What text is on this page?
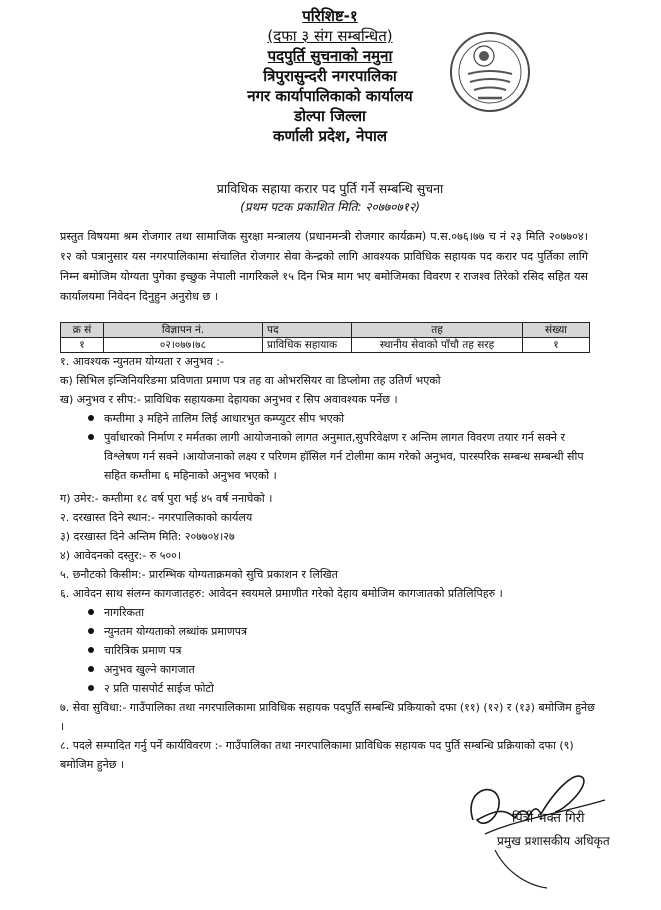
परिशिष्ट-१
(दफा ३ संग सम्बन्धित)
पदपुर्ति सुचनाको नमुना
त्रिपुरासुन्दरी नगरपालिका
नगर कार्यापालिकाको कार्यालय
डोल्पा जिल्ला
कर्णाली प्रदेश, नेपाल
प्राविधिक सहाया करार पद पुर्ति गर्ने सम्बन्धि सुचना
(प्रथम पटक प्रकाशित मिति: २०७७०७१२)
प्रस्तुत विषयमा श्रम रोजगार तथा सामाजिक सुरक्षा मन्त्रालय (प्रधानमन्त्री रोजगार कार्यक्रम) प.स.०७६।७७ च नं २३ मिति २०७७०४।१२ को पत्रानुसार यस नगरपालिकामा संचालित रोजगार सेवा केन्द्रको लागि आवश्यक प्राविधिक सहायक पद करार पद पुर्तिका लागि निम्न बमोजिम योग्यता पुगेका इच्छुक नेपाली नागरिकले १५ दिन भित्र माग भए बमोजिमका विवरण र राजश्व तिरेको रसिद सहित यस कार्यालयमा निवेदन दिनुहुन अनुरोध छ ।
क्र सं	विज्ञापन नं.	पद	तह	संख्या
१	०२।०७७।७८	प्राविधिक सहायाक	स्थानीय सेवाको पाँचौ तह सरह	१
१. आवश्यक न्युनतम योग्यता र अनुभव :-
क) सिभिल इन्जिनियरिङमा प्रविणता प्रमाण पत्र तह वा ओभरसियर वा डिप्लोमा तह उतिर्ण भएको
ख) अनुभव र सीप:- प्राविधिक सहायकमा देहायका अनुभव र सिप अवावश्यक पर्नेछ ।
कम्तीमा ३ महिने तालिम लिई आधारभुत कम्प्युटर सीप भएको
पुर्वाधारको निर्माण र मर्मतका लागी आयोजनाको लागत अनुमात,सुपरिवेक्षण र अन्तिम लागत विवरण तयार गर्न सक्ने र विश्लेषण गर्न सक्ने ।आयोजनाको लक्ष्य र परिणम हॉसिल गर्न टोलीमा काम गरेको अनुभव, पारस्परिक सम्बन्ध सम्बन्धी सीप सहित कम्तीमा ६ महिनाको अनुभव भएको ।
ग) उमेर:- कम्तीमा १८ वर्ष पुरा भई ४५ वर्ष ननाघेको ।
२. दरखास्त दिने स्थान:- नगरपालिकाको कार्यलय
३) दरखास्त दिने अन्तिम मिति: २०७७०४।२७
४) आवेदनको दस्तुर:- रु ५००।
५. छनौटको किसीम:- प्रारम्भिक योग्यताक्रमको सुचि प्रकाशन र लिखित
६. आवेदन साथ संलग्न कागजातहरु: आवेदन स्वयमले प्रमाणीत गरेको देहाय बमोजिम कागजातको प्रतिलिपिहरु ।
नागरिकता
न्युनतम योग्यताको लब्धांक प्रमाणपत्र
चारित्रिक प्रमाण पत्र
अनुभव खुल्ने कागजात
२ प्रति पासपोर्ट साईज फोटो
७. सेवा सुविधा:- गाउँपालिका तथा नगरपालिकामा प्राविधिक सहायक पदपुर्ति सम्बन्धि प्रकियाको दफा (११) (१२) र (१३) बमोजिम हुनेछ ।
८. पदले सम्पादित गर्नु पर्ने कार्यविवरण :- गाउँपालिका तथा नगरपालिकामा प्राविधिक सहायक पद पुर्ति सम्बन्धि प्रक्रियाको दफा (९) बमोजिम हुनेछ ।
पित्री भक्त गिरी
प्रमुख प्रशासकीय अधिकृत
